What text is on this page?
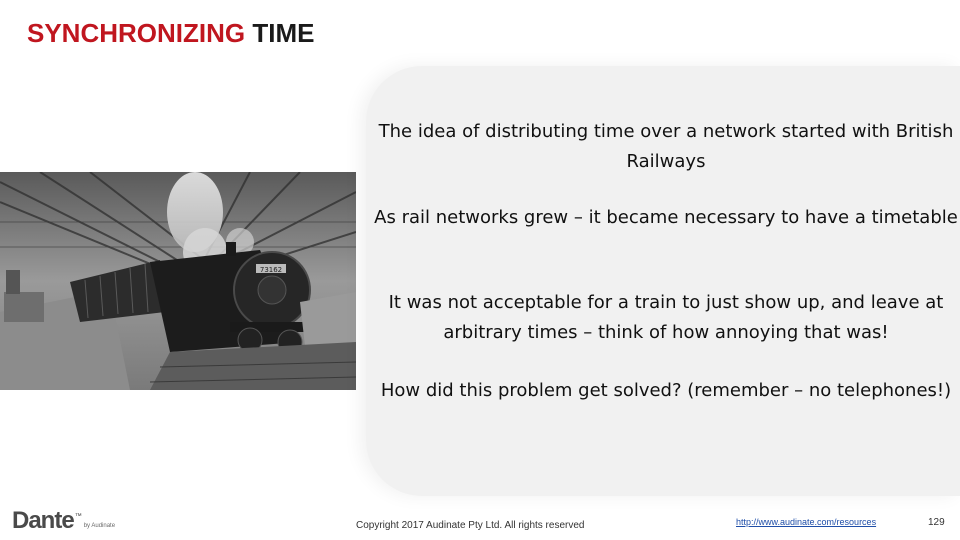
SYNCHRONIZING TIME
73162

The idea of distributing time over a network started with British Railways

As rail networks grew – it became necessary to have a timetable

It was not acceptable for a train to just show up, and leave at arbitrary times – think of how annoying that was!

How did this problem get solved? (remember – no telephones!)

Dante ™
by Audinate	Copyright 2017 Audinate Pty Ltd. All rights reserved	http://www.audinate.com/resources	129
